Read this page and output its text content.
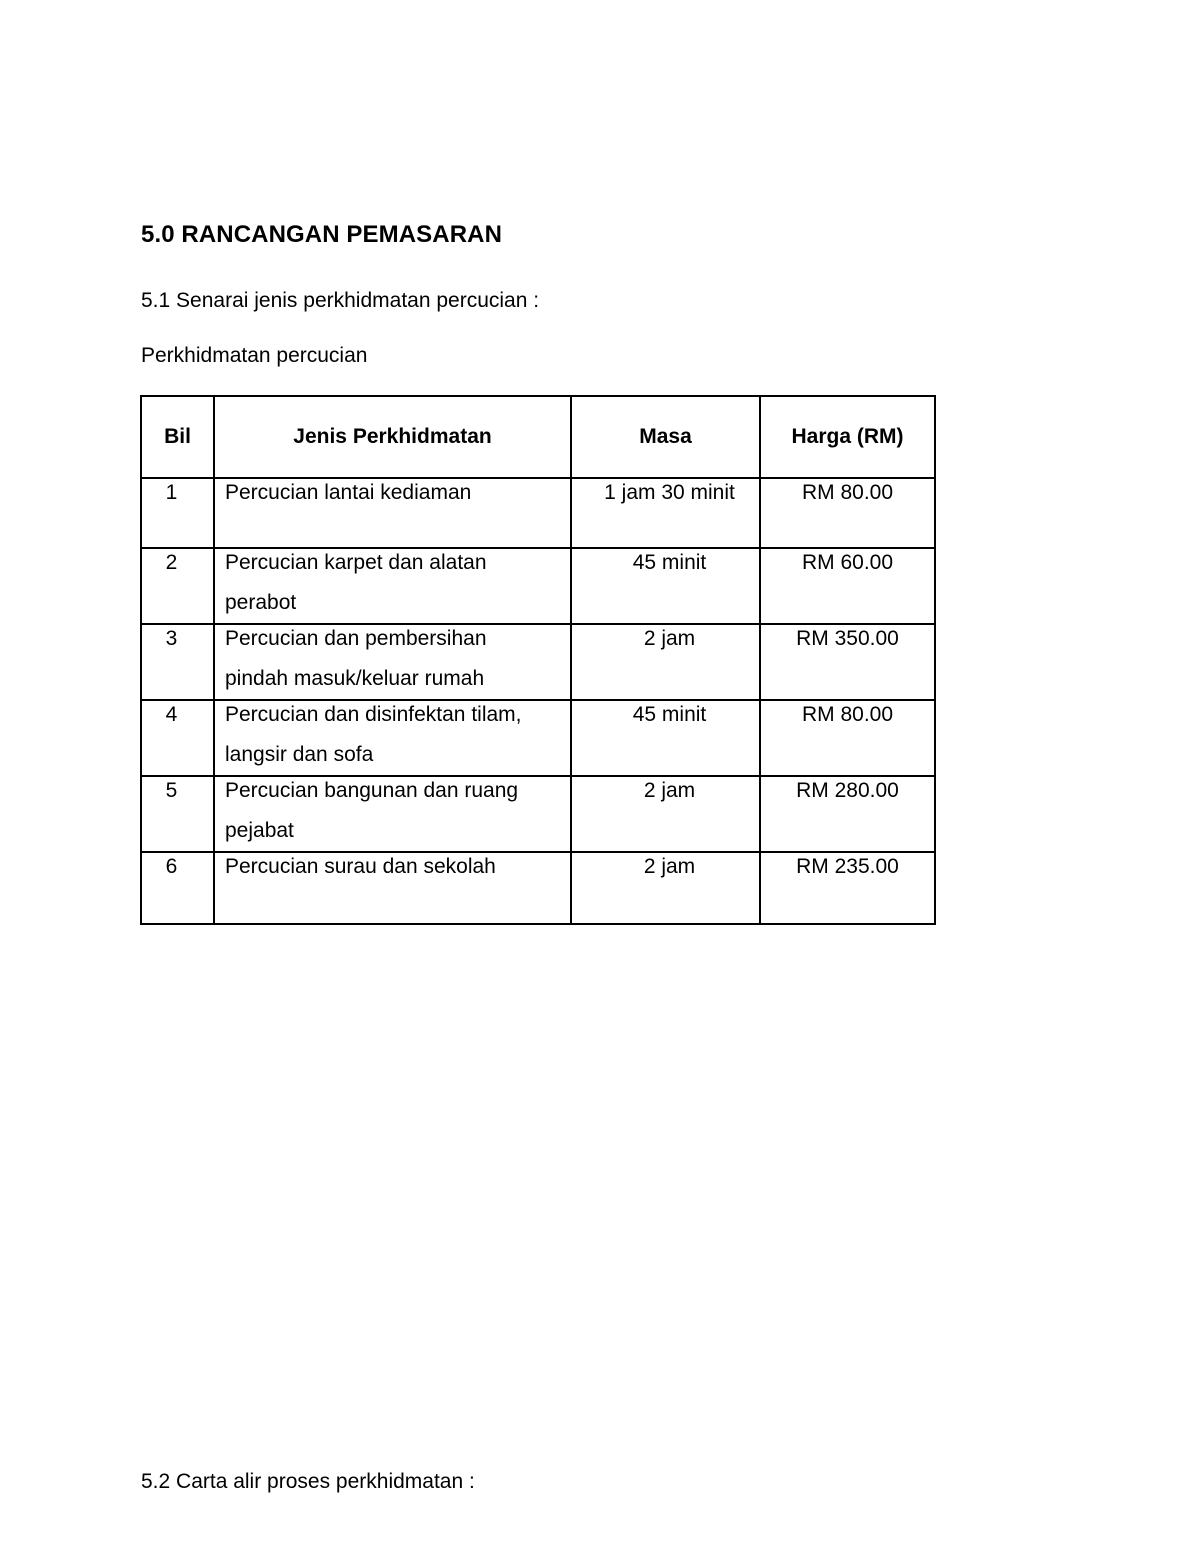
5.0 RANCANGAN PEMASARAN

5.1 Senarai jenis perkhidmatan percucian :

Perkhidmatan percucian

Bil	Jenis Perkhidmatan	Masa	Harga (RM)

1	Percucian lantai kediaman	1 jam 30 minit	RM 80.00

2	Percucian karpet dan alatan
perabot	45 minit	RM 60.00

3	Percucian dan pembersihan
pindah masuk/keluar rumah	2 jam	RM 350.00

4	Percucian dan disinfektan tilam,
langsir dan sofa	45 minit	RM 80.00

5	Percucian bangunan dan ruang
pejabat	2 jam	RM 280.00

6	Percucian surau dan sekolah	2 jam	RM 235.00

5.2 Carta alir proses perkhidmatan :
